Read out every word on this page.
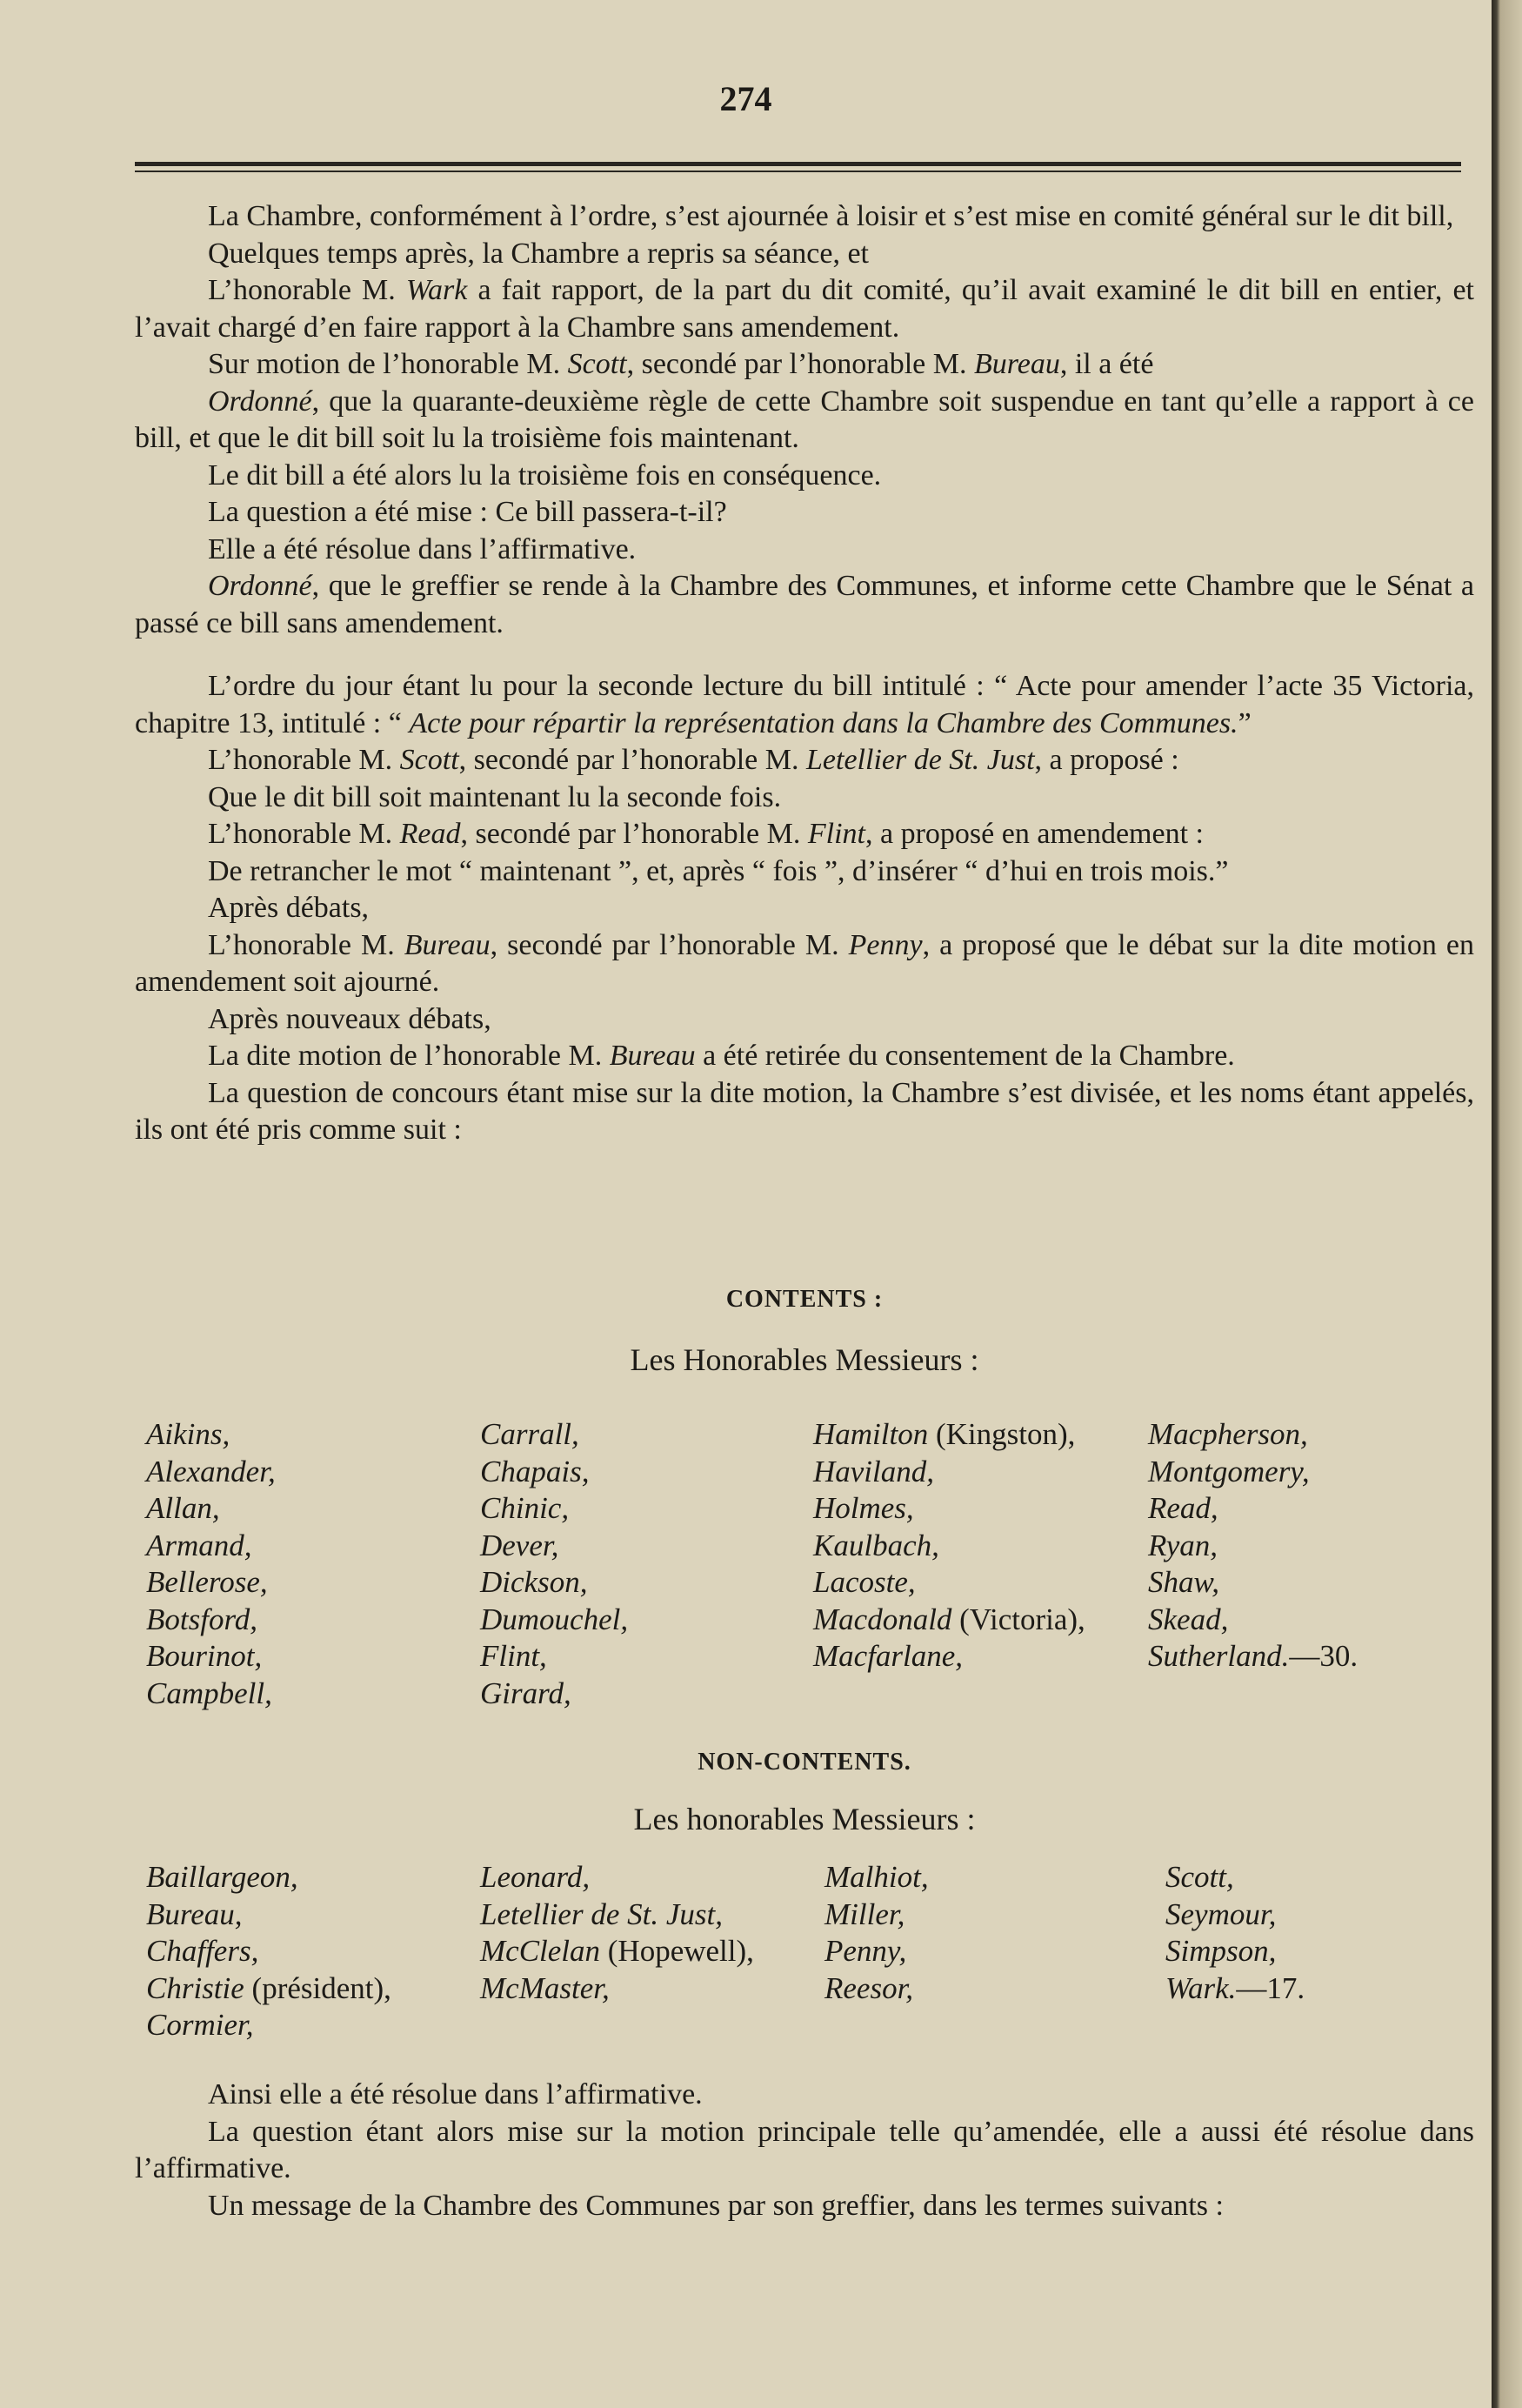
274

La Chambre, conformément à l’ordre, s’est ajournée à loisir et s’est mise en comité général sur le dit bill,

Quelques temps après, la Chambre a repris sa séance, et

L’honorable M. Wark a fait rapport, de la part du dit comité, qu’il avait examiné le dit bill en entier, et l’avait chargé d’en faire rapport à la Chambre sans amendement.

Sur motion de l’honorable M. Scott, secondé par l’honorable M. Bureau, il a été

Ordonné, que la quarante-deuxième règle de cette Chambre soit suspendue en tant qu’elle a rapport à ce bill, et que le dit bill soit lu la troisième fois maintenant.

Le dit bill a été alors lu la troisième fois en conséquence.

La question a été mise : Ce bill passera-t-il?

Elle a été résolue dans l’affirmative.

Ordonné, que le greffier se rende à la Chambre des Communes, et informe cette Chambre que le Sénat a passé ce bill sans amendement.

L’ordre du jour étant lu pour la seconde lecture du bill intitulé : “ Acte pour amender l’acte 35 Victoria, chapitre 13, intitulé : “ Acte pour répartir la représentation dans la Chambre des Communes.”

L’honorable M. Scott, secondé par l’honorable M. Letellier de St. Just, a proposé :

Que le dit bill soit maintenant lu la seconde fois.

L’honorable M. Read, secondé par l’honorable M. Flint, a proposé en amendement :

De retrancher le mot “ maintenant ”, et, après “ fois ”, d’insérer “ d’hui en trois mois.”

Après débats,

L’honorable M. Bureau, secondé par l’honorable M. Penny, a proposé que le débat sur la dite motion en amendement soit ajourné.

Après nouveaux débats,

La dite motion de l’honorable M. Bureau a été retirée du consentement de la Chambre.

La question de concours étant mise sur la dite motion, la Chambre s’est divisée, et les noms étant appelés, ils ont été pris comme suit :

CONTENTS :
Les Honorables Messieurs :
Aikins,
Alexander,
Allan,
Armand,
Bellerose,
Botsford,
Bourinot,
Campbell,
Carrall,
Chapais,
Chinic,
Dever,
Dickson,
Dumouchel,
Flint,
Girard,
Hamilton (Kingston),
Haviland,
Holmes,
Kaulbach,
Lacoste,
Macdonald (Victoria),
Macfarlane,
Macpherson,
Montgomery,
Read,
Ryan,
Shaw,
Skead,
Sutherland.—30.
NON-CONTENTS.
Les honorables Messieurs :
Baillargeon,
Bureau,
Chaffers,
Christie (président),
Cormier,
Leonard,
Letellier de St. Just,
McClelan (Hopewell),
McMaster,
Malhiot,
Miller,
Penny,
Reesor,
Scott,
Seymour,
Simpson,
Wark.—17.

Ainsi elle a été résolue dans l’affirmative.

La question étant alors mise sur la motion principale telle qu’amendée, elle a aussi été résolue dans l’affirmative.

Un message de la Chambre des Communes par son greffier, dans les termes suivants :
